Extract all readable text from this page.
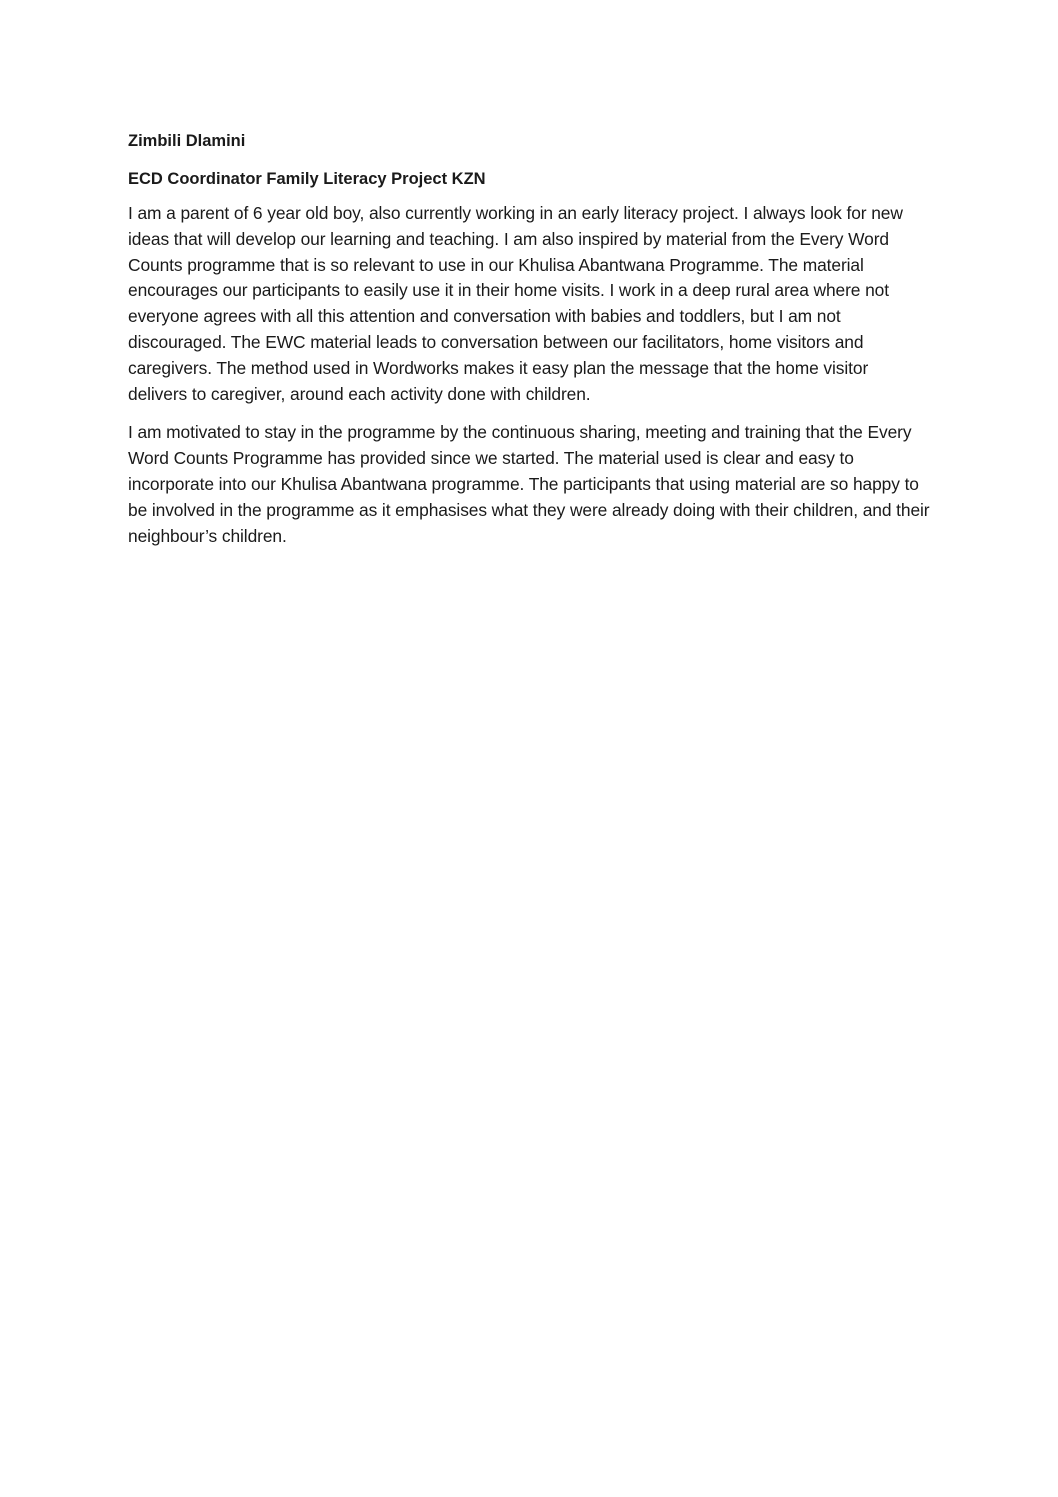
Zimbili Dlamini

ECD Coordinator Family Literacy Project KZN

I am a parent of 6 year old boy, also currently working in an early literacy project. I always look for new ideas that will develop our learning and teaching. I am also inspired by material from the Every Word Counts programme that is so relevant to use in our Khulisa Abantwana Programme. The material encourages our participants to easily use it in their home visits. I work in a deep rural area where not everyone agrees with all this attention and conversation with babies and toddlers, but I am not discouraged. The EWC material leads to conversation between our facilitators, home visitors and caregivers. The method used in Wordworks makes it easy plan the message that the home visitor delivers to caregiver, around each activity done with children.

I am motivated to stay in the programme by the continuous sharing, meeting and training that the Every Word Counts Programme has provided since we started. The material used is clear and easy to incorporate into our Khulisa Abantwana programme. The participants that using material are so happy to be involved in the programme as it emphasises what they were already doing with their children, and their neighbour’s children.
